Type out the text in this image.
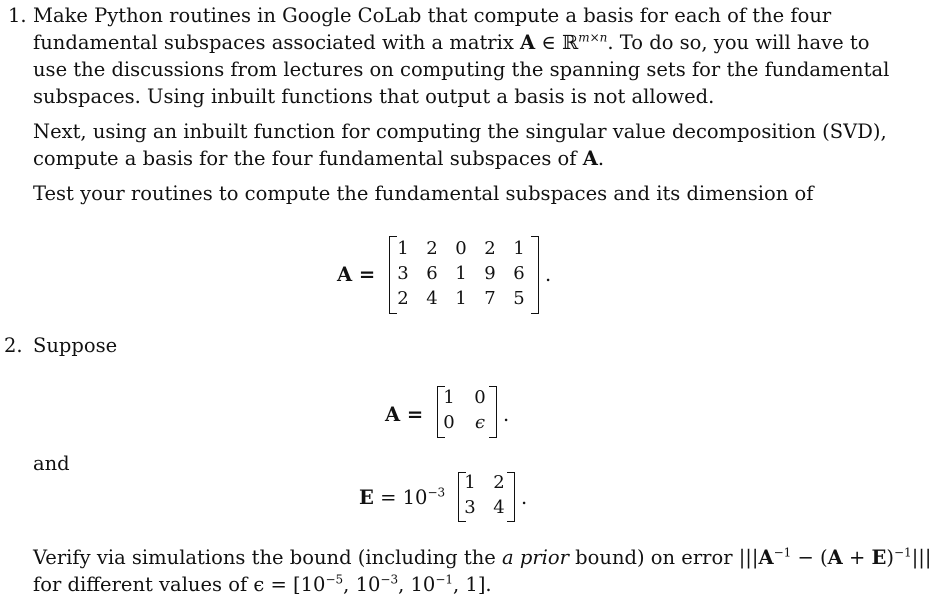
1. Make Python routines in Google CoLab that compute a basis for each of the four
fundamental subspaces associated with a matrix A ∈ ℝ$^{m\times n}$. To do so, you will have to
use the discussions from lectures on computing the spanning sets for the fundamental
subspaces. Using inbuilt functions that output a basis is not allowed.
Next, using an inbuilt function for computing the singular value decomposition (SVD),
compute a basis for the four fundamental subspaces of A.
Test your routines to compute the fundamental subspaces and its dimension of
A =
1 2 0 2 1
3 6 1 9 6
2 4 1 7 5
.
2. Suppose
A =
1 0
0	ϵ .
and
$E = 10^{-3}$ 1 2
3 4 .
Verify via simulations the bound (including the a prior bound) on error $|||A^{-1} - (A + E)^{-1}|||$
for different values of $\epsilon = [10^{-5}$, $10^{-3}$, $10^{-1}$, 1].
